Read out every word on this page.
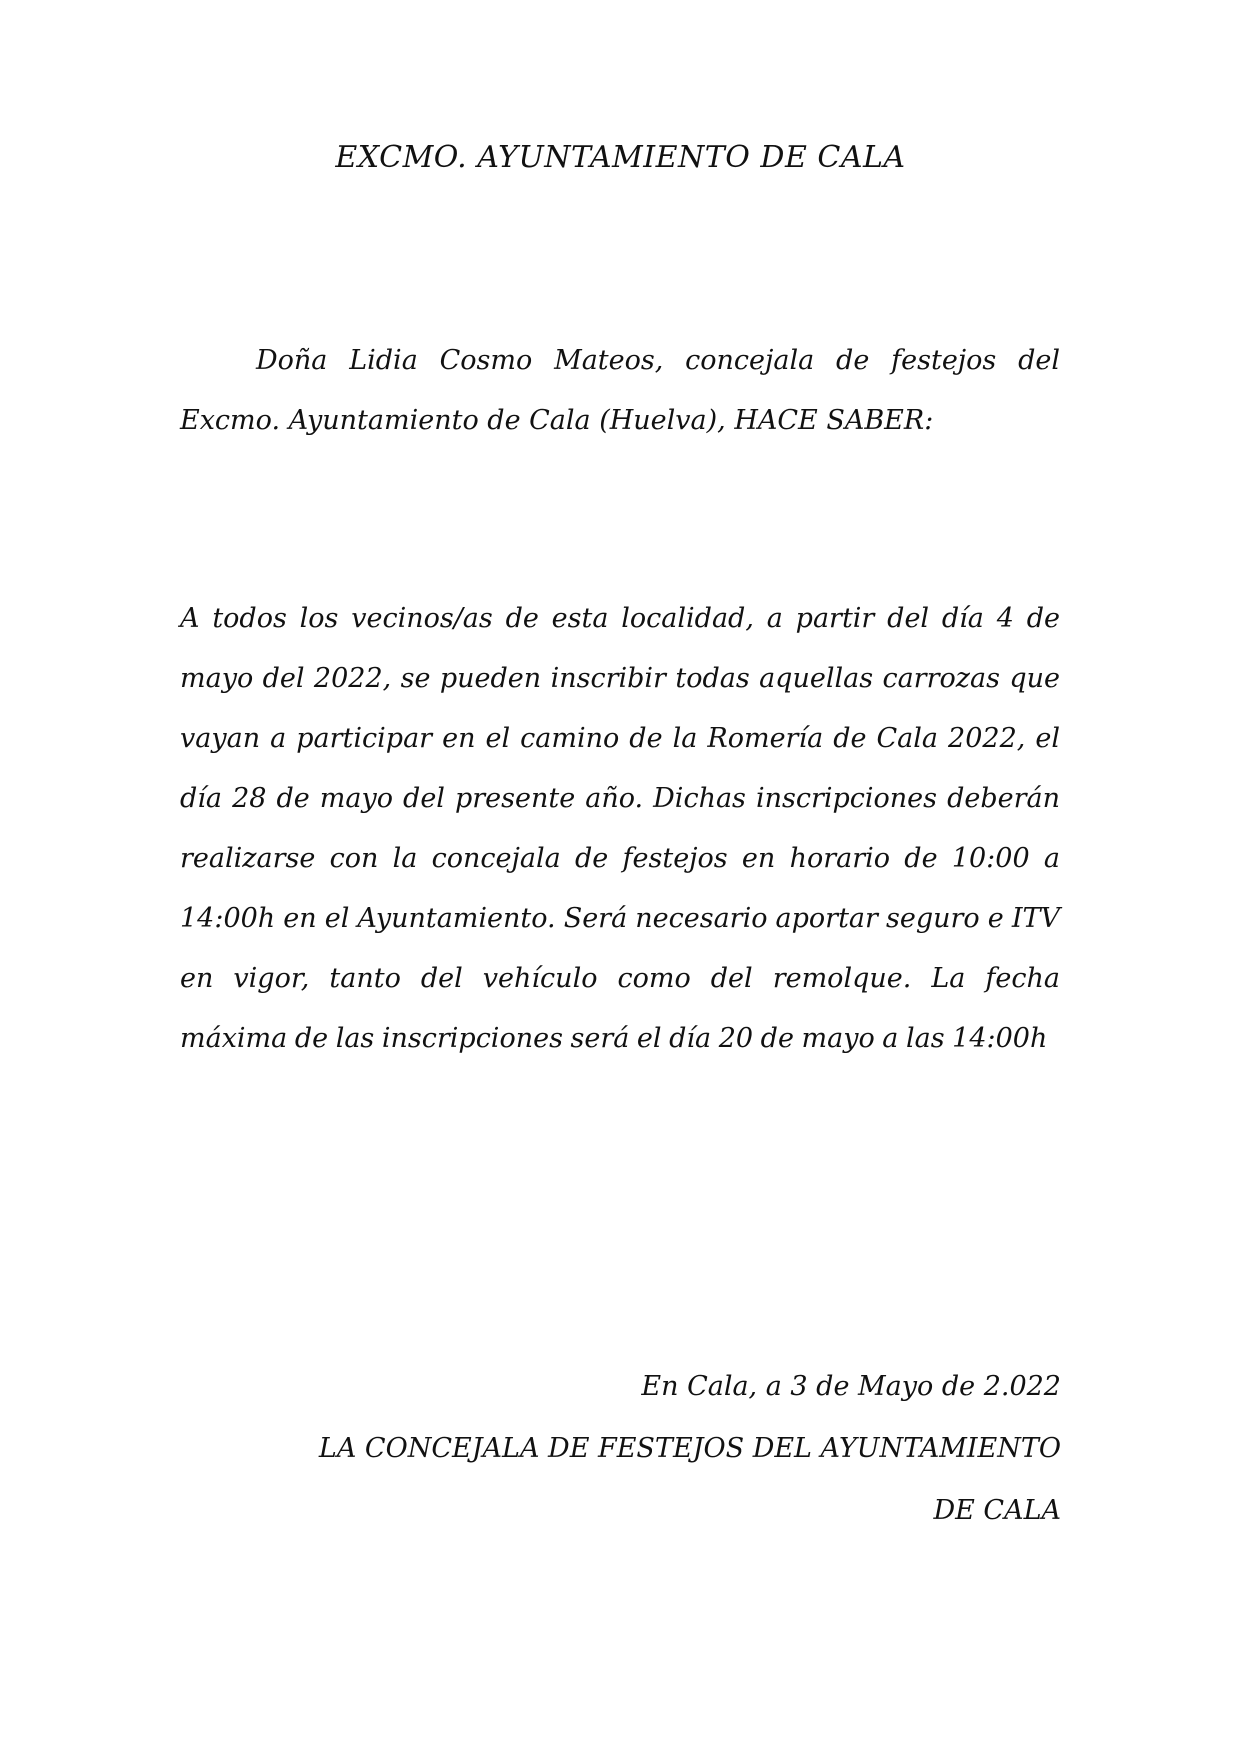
EXCMO. AYUNTAMIENTO DE CALA

Doña Lidia Cosmo Mateos, concejala de festejos del Excmo. Ayuntamiento de Cala (Huelva), HACE SABER:

A todos los vecinos/as de esta localidad, a partir del día 4 de mayo del 2022, se pueden inscribir todas aquellas carrozas que vayan a participar en el camino de la Romería de Cala 2022, el día 28 de mayo del presente año. Dichas inscripciones deberán realizarse con la concejala de festejos en horario de 10:00 a 14:00h en el Ayuntamiento. Será necesario aportar seguro e ITV en vigor, tanto del vehículo como del remolque. La fecha máxima de las inscripciones será el día 20 de mayo a las 14:00h

En Cala, a 3 de Mayo de 2.022

LA CONCEJALA DE FESTEJOS DEL AYUNTAMIENTO
DE CALA
